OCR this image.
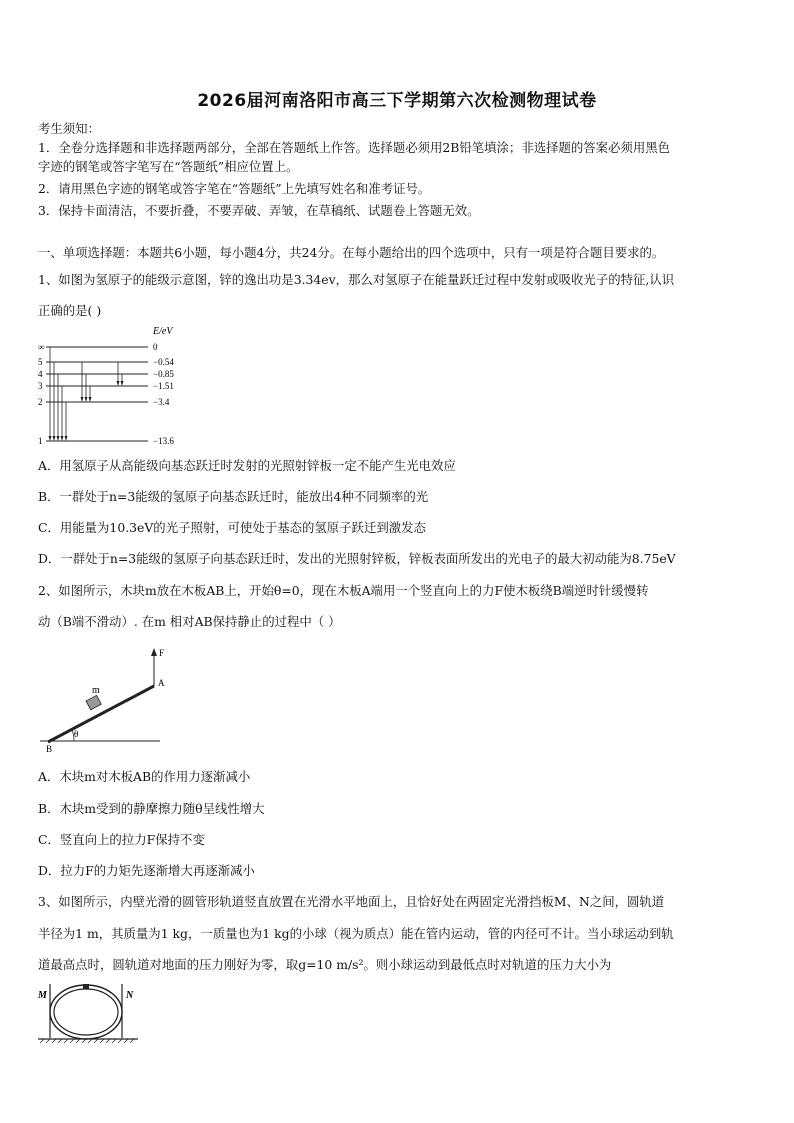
2026届河南洛阳市高三下学期第六次检测物理试卷
考生须知：
1．全卷分选择题和非选择题两部分，全部在答题纸上作答。选择题必须用2B铅笔填涂；非选择题的答案必须用黑色
字迹的钢笔或答字笔写在“答题纸”相应位置上。
2．请用黑色字迹的钢笔或答字笔在“答题纸”上先填写姓名和准考证号。
3．保持卡面清洁，不要折叠，不要弄破、弄皱，在草稿纸、试题卷上答题无效。
一、单项选择题：本题共6小题，每小题4分，共24分。在每小题给出的四个选项中，只有一项是符合题目要求的。
1、如图为氢原子的能级示意图，锌的逸出功是3.34ev，那么对氢原子在能量跃迁过程中发射或吸收光子的特征,认识
正确的是( )
E/eV
∞
5
4
3
2
1
0
−0.54
−0.85
−1.51
−3.4
−13.6
A．用氢原子从高能级向基态跃迁时发射的光照射锌板一定不能产生光电效应
B．一群处于n=3能级的氢原子向基态跃迁时，能放出4种不同频率的光
C．用能量为10.3eV的光子照射，可使处于基态的氢原子跃迁到激发态
D．一群处于n=3能级的氢原子向基态跃迁时，发出的光照射锌板，锌板表面所发出的光电子的最大初动能为8.75eV
2、如图所示，木块m放在木板AB上，开始θ=0，现在木板A端用一个竖直向上的力F使木板绕B端逆时针缓慢转
动（B端不滑动）. 在m 相对AB保持静止的过程中（ ）
F
m
A
B
θ
A．木块m对木板AB的作用力逐渐减小
B．木块m受到的静摩擦力随θ呈线性增大
C．竖直向上的拉力F保持不变
D．拉力F的力矩先逐渐增大再逐渐减小
3、如图所示，内壁光滑的圆管形轨道竖直放置在光滑水平地面上，且恰好处在两固定光滑挡板M、N之间，圆轨道
半径为1 m，其质量为1 kg，一质量也为1 kg的小球（视为质点）能在管内运动，管的内径可不计。当小球运动到轨
道最高点时，圆轨道对地面的压力刚好为零，取g=10 m/s²。则小球运动到最低点时对轨道的压力大小为
M	N
